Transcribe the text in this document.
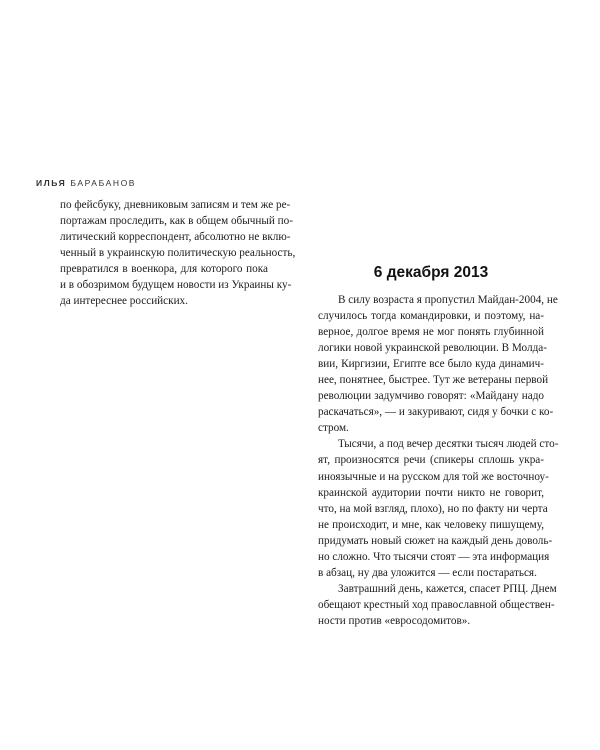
ИЛЬЯ БАРАБАНОВ

по фейсбуку, дневниковым записям и тем же ре-
портажам проследить, как в общем обычный по-
литический корреспондент, абсолютно не вклю-
ченный в украинскую политическую реальность,
превратился в военкора, для которого пока
и в обозримом будущем новости из Украины ку-
да интереснее российских.

6 декабря 2013

В силу возраста я пропустил Майдан-2004, не
случилось тогда командировки, и поэтому, на-
верное, долгое время не мог понять глубинной
логики новой украинской революции. В Молда-
вии, Киргизии, Египте все было куда динамич-
нее, понятнее, быстрее. Тут же ветераны первой
революции задумчиво говорят: «Майдану надо
раскачаться», — и закуривают, сидя у бочки с ко-
стром.

Тысячи, а под вечер десятки тысяч людей сто-
ят, произносятся речи (спикеры сплошь укра-
иноязычные и на русском для той же восточноу-
краинской аудитории почти никто не говорит,
что, на мой взгляд, плохо), но по факту ни черта
не происходит, и мне, как человеку пишущему,
придумать новый сюжет на каждый день доволь-
но сложно. Что тысячи стоят — эта информация
в абзац, ну два уложится — если постараться.

Завтрашний день, кажется, спасет РПЦ. Днем
обещают крестный ход православной обществен-
ности против «евросодомитов».
